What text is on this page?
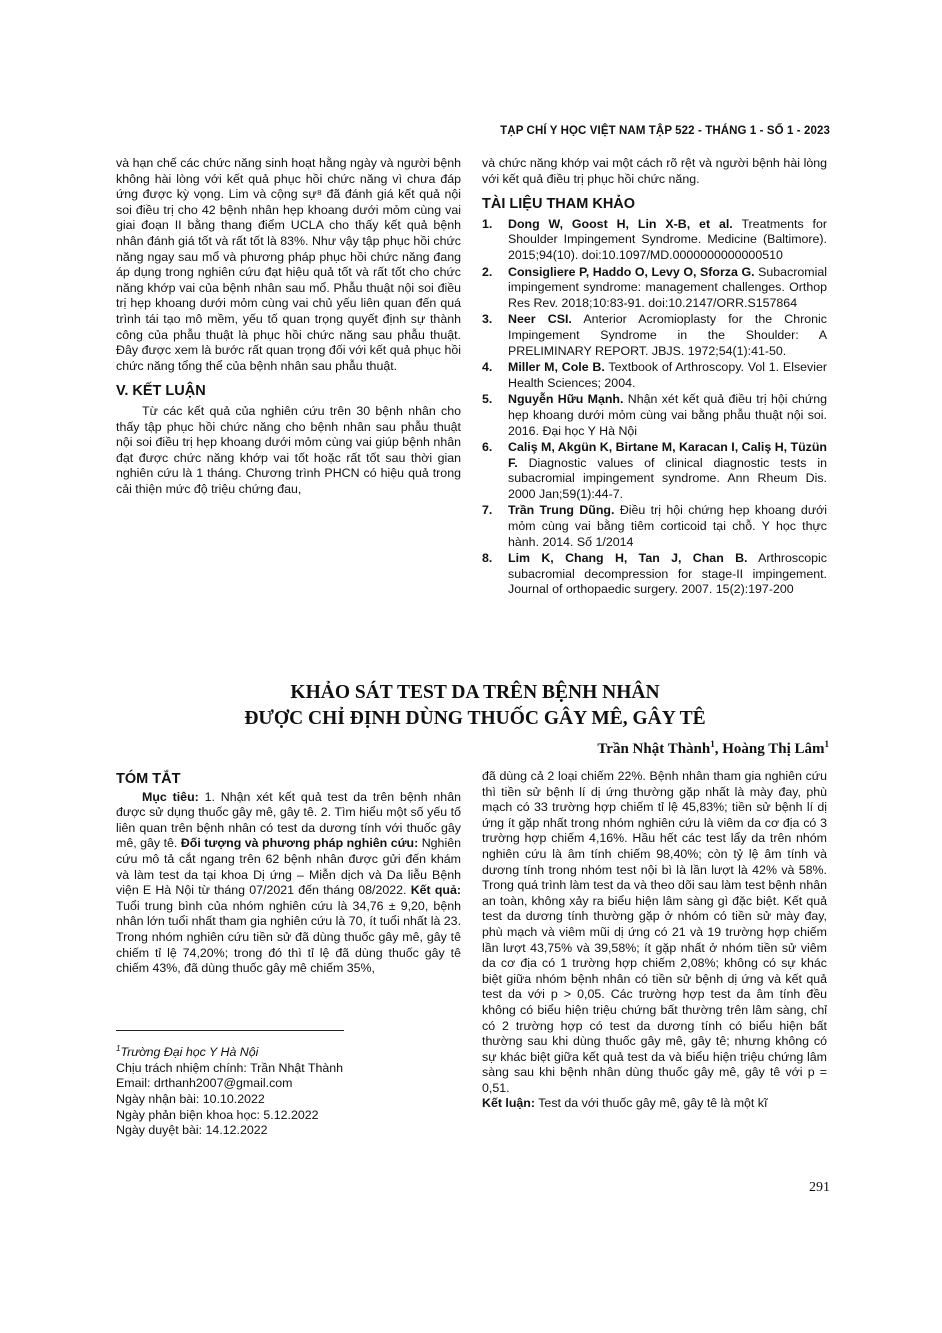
TẠP CHÍ Y HỌC VIỆT NAM TẬP 522 - THÁNG 1 - SỐ 1 - 2023

và hạn chế các chức năng sinh hoạt hằng ngày và người bệnh không hài lòng với kết quả phục hồi chức năng vì chưa đáp ứng được kỳ vọng. Lim và cộng sự⁸ đã đánh giá kết quả nội soi điều trị cho 42 bệnh nhân hẹp khoang dưới mỏm cùng vai giai đoạn II bằng thang điểm UCLA cho thấy kết quả bệnh nhân đánh giá tốt và rất tốt là 83%. Như vậy tập phục hồi chức năng ngay sau mổ và phương pháp phục hồi chức năng đang áp dụng trong nghiên cứu đạt hiệu quả tốt và rất tốt cho chức năng khớp vai của bệnh nhân sau mổ. Phẫu thuật nội soi điều trị hẹp khoang dưới mỏm cùng vai chủ yếu liên quan đến quá trình tái tạo mô mềm, yếu tố quan trọng quyết định sự thành công của phẫu thuật là phục hồi chức năng sau phẫu thuật. Đây được xem là bước rất quan trọng đối với kết quả phục hồi chức năng tổng thể của bệnh nhân sau phẫu thuật.

V. KẾT LUẬN

Từ các kết quả của nghiên cứu trên 30 bệnh nhân cho thấy tập phục hồi chức năng cho bệnh nhân sau phẫu thuật nội soi điều trị hẹp khoang dưới mỏm cùng vai giúp bệnh nhân đạt được chức năng khớp vai tốt hoặc rất tốt sau thời gian nghiên cứu là 1 tháng. Chương trình PHCN có hiệu quả trong cải thiện mức độ triệu chứng đau,

và chức năng khớp vai một cách rõ rệt và người bệnh hài lòng với kết quả điều trị phục hồi chức năng.

TÀI LIỆU THAM KHẢO
1. Dong W, Goost H, Lin X-B, et al. Treatments for Shoulder Impingement Syndrome. Medicine (Baltimore). 2015;94(10). doi:10.1097/MD.0000000000000510
2. Consigliere P, Haddo O, Levy O, Sforza G. Subacromial impingement syndrome: management challenges. Orthop Res Rev. 2018;10:83-91. doi:10.2147/ORR.S157864
3. Neer CSI. Anterior Acromioplasty for the Chronic Impingement Syndrome in the Shoulder: A PRELIMINARY REPORT. JBJS. 1972;54(1):41-50.
4. Miller M, Cole B. Textbook of Arthroscopy. Vol 1. Elsevier Health Sciences; 2004.
5. Nguyễn Hữu Mạnh. Nhận xét kết quả điều trị hội chứng hẹp khoang dưới mỏm cùng vai bằng phẫu thuật nội soi. 2016. Đại học Y Hà Nội
6. Caliş M, Akgün K, Birtane M, Karacan I, Caliş H, Tüzün F. Diagnostic values of clinical diagnostic tests in subacromial impingement syndrome. Ann Rheum Dis. 2000 Jan;59(1):44-7.
7. Trần Trung Dũng. Điều trị hội chứng hẹp khoang dưới mỏm cùng vai bằng tiêm corticoid tại chỗ. Y học thực hành. 2014. Số 1/2014
8. Lim K, Chang H, Tan J, Chan B. Arthroscopic subacromial decompression for stage-II impingement. Journal of orthopaedic surgery. 2007. 15(2):197-200
KHẢO SÁT TEST DA TRÊN BỆNH NHÂN
ĐƯỢC CHỈ ĐỊNH DÙNG THUỐC GÂY MÊ, GÂY TÊ
Trần Nhật Thành$^1$, Hoàng Thị Lâm$^1$
TÓM TẮT

Mục tiêu: 1. Nhận xét kết quả test da trên bệnh nhân được sử dụng thuốc gây mê, gây tê. 2. Tìm hiểu một số yếu tố liên quan trên bệnh nhân có test da dương tính với thuốc gây mê, gây tê. Đối tượng và phương pháp nghiên cứu: Nghiên cứu mô tả cắt ngang trên 62 bệnh nhân được gửi đến khám và làm test da tại khoa Dị ứng – Miễn dịch và Da liễu Bệnh viện E Hà Nội từ tháng 07/2021 đến tháng 08/2022. Kết quả: Tuổi trung bình của nhóm nghiên cứu là 34,76 ± 9,20, bệnh nhân lớn tuổi nhất tham gia nghiên cứu là 70, ít tuổi nhất là 23. Trong nhóm nghiên cứu tiền sử đã dùng thuốc gây mê, gây tê chiếm tỉ lệ 74,20%; trong đó thì tỉ lệ đã dùng thuốc gây tê chiếm 43%, đã dùng thuốc gây mê chiếm 35%,

đã dùng cả 2 loại chiếm 22%. Bệnh nhân tham gia nghiên cứu thì tiền sử bệnh lí dị ứng thường gặp nhất là mày đay, phù mạch có 33 trường hợp chiếm tỉ lệ 45,83%; tiền sử bệnh lí dị ứng ít gặp nhất trong nhóm nghiên cứu là viêm da cơ địa có 3 trường hợp chiếm 4,16%. Hầu hết các test lẩy da trên nhóm nghiên cứu là âm tính chiếm 98,40%; còn tỷ lệ âm tính và dương tính trong nhóm test nội bì là lần lượt là 42% và 58%. Trong quá trình làm test da và theo dõi sau làm test bệnh nhân an toàn, không xảy ra biểu hiện lâm sàng gì đặc biệt. Kết quả test da dương tính thường gặp ở nhóm có tiền sử mày đay, phù mạch và viêm mũi dị ứng có 21 và 19 trường hợp chiếm lần lượt 43,75% và 39,58%; ít gặp nhất ở nhóm tiền sử viêm da cơ địa có 1 trường hợp chiếm 2,08%; không có sự khác biệt giữa nhóm bệnh nhân có tiền sử bệnh dị ứng và kết quả test da với p > 0,05. Các trường hợp test da âm tính đều không có biểu hiện triệu chứng bất thường trên lâm sàng, chỉ có 2 trường hợp có test da dương tính có biểu hiện bất thường sau khi dùng thuốc gây mê, gây tê; nhưng không có sự khác biệt giữa kết quả test da và biểu hiện triệu chứng lâm sàng sau khi bệnh nhân dùng thuốc gây mê, gây tê với p = 0,51.

Kết luận: Test da với thuốc gây mê, gây tê là một kĩ

$^1$Trường Đại học Y Hà Nội
Chịu trách nhiệm chính: Trần Nhật Thành
Email: drthanh2007@gmail.com
Ngày nhận bài: 10.10.2022
Ngày phản biện khoa học: 5.12.2022
Ngày duyệt bài: 14.12.2022
291
